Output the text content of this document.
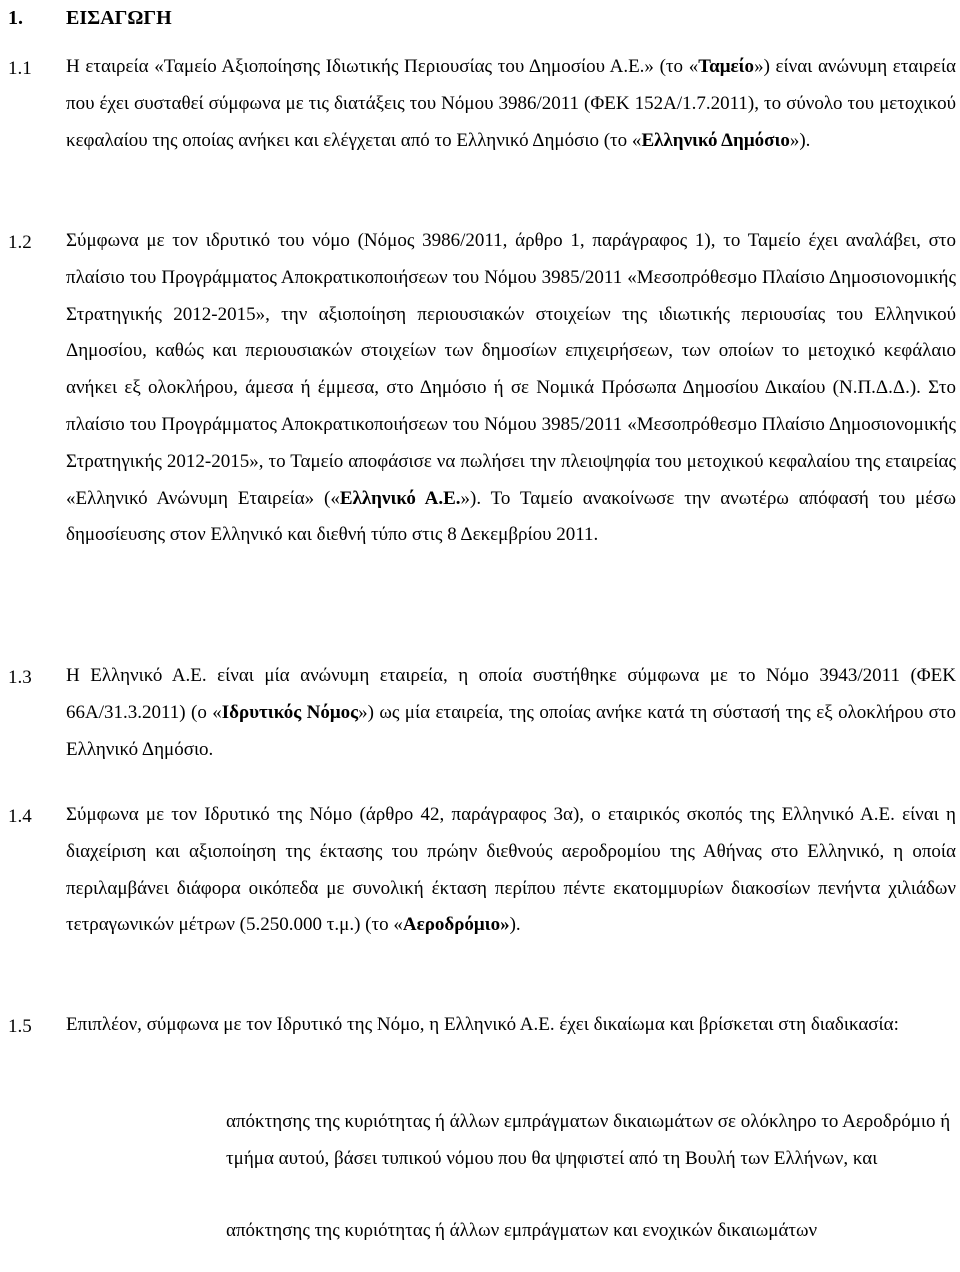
1. ΕΙΣΑΓΩΓΗ
1.1 Η εταιρεία «Ταμείο Αξιοποίησης Ιδιωτικής Περιουσίας του Δημοσίου Α.Ε.» (το «Ταμείο») είναι ανώνυμη εταιρεία που έχει συσταθεί σύμφωνα με τις διατάξεις του Νόμου 3986/2011 (ΦΕΚ 152Α/1.7.2011), το σύνολο του μετοχικού κεφαλαίου της οποίας ανήκει και ελέγχεται από το Ελληνικό Δημόσιο (το «Ελληνικό Δημόσιο»).

1.2 Σύμφωνα με τον ιδρυτικό του νόμο (Νόμος 3986/2011, άρθρο 1, παράγραφος 1), το Ταμείο έχει αναλάβει, στο πλαίσιο του Προγράμματος Αποκρατικοποιήσεων του Νόμου 3985/2011 «Μεσοπρόθεσμο Πλαίσιο Δημοσιονομικής Στρατηγικής 2012-2015», την αξιοποίηση περιουσιακών στοιχείων της ιδιωτικής περιουσίας του Ελληνικού Δημοσίου, καθώς και περιουσιακών στοιχείων των δημοσίων επιχειρήσεων, των οποίων το μετοχικό κεφάλαιο ανήκει εξ ολοκλήρου, άμεσα ή έμμεσα, στο Δημόσιο ή σε Νομικά Πρόσωπα Δημοσίου Δικαίου (Ν.Π.Δ.Δ.). Στο πλαίσιο του Προγράμματος Αποκρατικοποιήσεων του Νόμου 3985/2011 «Μεσοπρόθεσμο Πλαίσιο Δημοσιονομικής Στρατηγικής 2012-2015», το Ταμείο αποφάσισε να πωλήσει την πλειοψηφία του μετοχικού κεφαλαίου της εταιρείας «Ελληνικό Ανώνυμη Εταιρεία» («Ελληνικό Α.Ε.»). Το Ταμείο ανακοίνωσε την ανωτέρω απόφασή του μέσω δημοσίευσης στον Ελληνικό και διεθνή τύπο στις 8 Δεκεμβρίου 2011.

1.3 Η Ελληνικό Α.Ε. είναι μία ανώνυμη εταιρεία, η οποία συστήθηκε σύμφωνα με το Νόμο 3943/2011 (ΦΕΚ 66Α/31.3.2011) (ο «Ιδρυτικός Νόμος») ως μία εταιρεία, της οποίας ανήκε κατά τη σύστασή της εξ ολοκλήρου στο Ελληνικό Δημόσιο.

1.4 Σύμφωνα με τον Ιδρυτικό της Νόμο (άρθρο 42, παράγραφος 3α), ο εταιρικός σκοπός της Ελληνικό Α.Ε. είναι η διαχείριση και αξιοποίηση της έκτασης του πρώην διεθνούς αεροδρομίου της Αθήνας στο Ελληνικό, η οποία περιλαμβάνει διάφορα οικόπεδα με συνολική έκταση περίπου πέντε εκατομμυρίων διακοσίων πενήντα χιλιάδων τετραγωνικών μέτρων (5.250.000 τ.μ.) (το «Αεροδρόμιο»).

1.5 Επιπλέον, σύμφωνα με τον Ιδρυτικό της Νόμο, η Ελληνικό Α.Ε. έχει δικαίωμα και βρίσκεται στη διαδικασία:

απόκτησης της κυριότητας ή άλλων εμπράγματων δικαιωμάτων σε ολόκληρο το Αεροδρόμιο ή τμήμα αυτού, βάσει τυπικού νόμου που θα ψηφιστεί από τη Βουλή των Ελλήνων, και

απόκτησης της κυριότητας ή άλλων εμπράγματων και ενοχικών δικαιωμάτων
